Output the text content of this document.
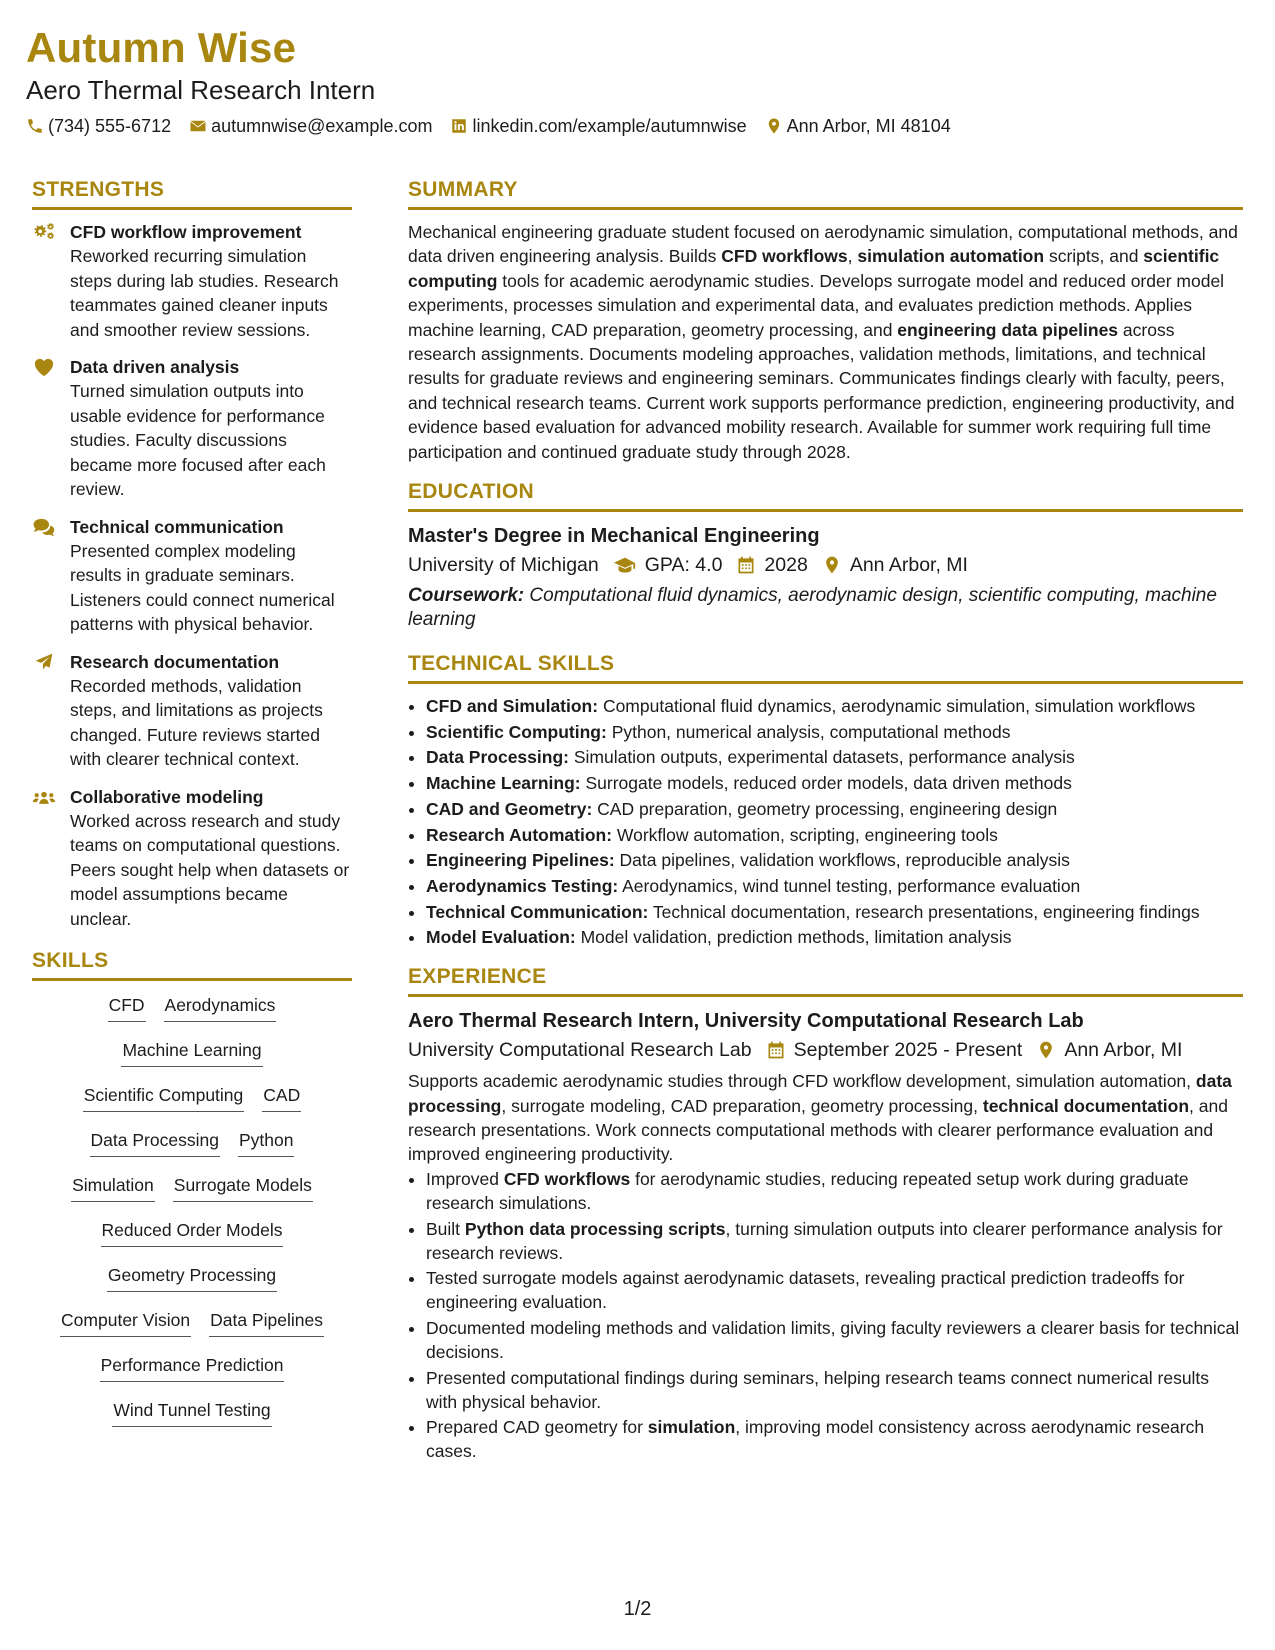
Autumn Wise
Aero Thermal Research Intern
(734) 555-6712 autumnwise@example.com linkedin.com/example/autumnwise Ann Arbor, MI 48104
STRENGTHS
CFD workflow improvement
Reworked recurring simulation steps during lab studies. Research teammates gained cleaner inputs and smoother review sessions.
Data driven analysis
Turned simulation outputs into usable evidence for performance studies. Faculty discussions became more focused after each review.
Technical communication
Presented complex modeling results in graduate seminars. Listeners could connect numerical patterns with physical behavior.
Research documentation
Recorded methods, validation steps, and limitations as projects changed. Future reviews started with clearer technical context.
Collaborative modeling
Worked across research and study teams on computational questions. Peers sought help when datasets or model assumptions became unclear.
SKILLS
CFD Aerodynamics
Machine Learning
Scientific Computing CAD
Data Processing Python
Simulation Surrogate Models
Reduced Order Models
Geometry Processing
Computer Vision Data Pipelines
Performance Prediction
Wind Tunnel Testing
SUMMARY
Mechanical engineering graduate student focused on aerodynamic simulation, computational methods, and data driven engineering analysis. Builds CFD workflows, simulation automation scripts, and scientific computing tools for academic aerodynamic studies. Develops surrogate model and reduced order model experiments, processes simulation and experimental data, and evaluates prediction methods. Applies machine learning, CAD preparation, geometry processing, and engineering data pipelines across research assignments. Documents modeling approaches, validation methods, limitations, and technical results for graduate reviews and engineering seminars. Communicates findings clearly with faculty, peers, and technical research teams. Current work supports performance prediction, engineering productivity, and evidence based evaluation for advanced mobility research. Available for summer work requiring full time participation and continued graduate study through 2028.
EDUCATION
Master's Degree in Mechanical Engineering
University of Michigan GPA: 4.0 2028 Ann Arbor, MI
Coursework: Computational fluid dynamics, aerodynamic design, scientific computing, machine learning
TECHNICAL SKILLS
• CFD and Simulation: Computational fluid dynamics, aerodynamic simulation, simulation workflows
• Scientific Computing: Python, numerical analysis, computational methods
• Data Processing: Simulation outputs, experimental datasets, performance analysis
• Machine Learning: Surrogate models, reduced order models, data driven methods
• CAD and Geometry: CAD preparation, geometry processing, engineering design
• Research Automation: Workflow automation, scripting, engineering tools
• Engineering Pipelines: Data pipelines, validation workflows, reproducible analysis
• Aerodynamics Testing: Aerodynamics, wind tunnel testing, performance evaluation
• Technical Communication: Technical documentation, research presentations, engineering findings
• Model Evaluation: Model validation, prediction methods, limitation analysis
EXPERIENCE
Aero Thermal Research Intern, University Computational Research Lab
University Computational Research Lab September 2025 - Present Ann Arbor, MI
Supports academic aerodynamic studies through CFD workflow development, simulation automation, data processing, surrogate modeling, CAD preparation, geometry processing, technical documentation, and research presentations. Work connects computational methods with clearer performance evaluation and improved engineering productivity.
• Improved CFD workflows for aerodynamic studies, reducing repeated setup work during graduate research simulations.
• Built Python data processing scripts, turning simulation outputs into clearer performance analysis for research reviews.
• Tested surrogate models against aerodynamic datasets, revealing practical prediction tradeoffs for engineering evaluation.
• Documented modeling methods and validation limits, giving faculty reviewers a clearer basis for technical decisions.
• Presented computational findings during seminars, helping research teams connect numerical results with physical behavior.
• Prepared CAD geometry for simulation, improving model consistency across aerodynamic research cases.
1/2
